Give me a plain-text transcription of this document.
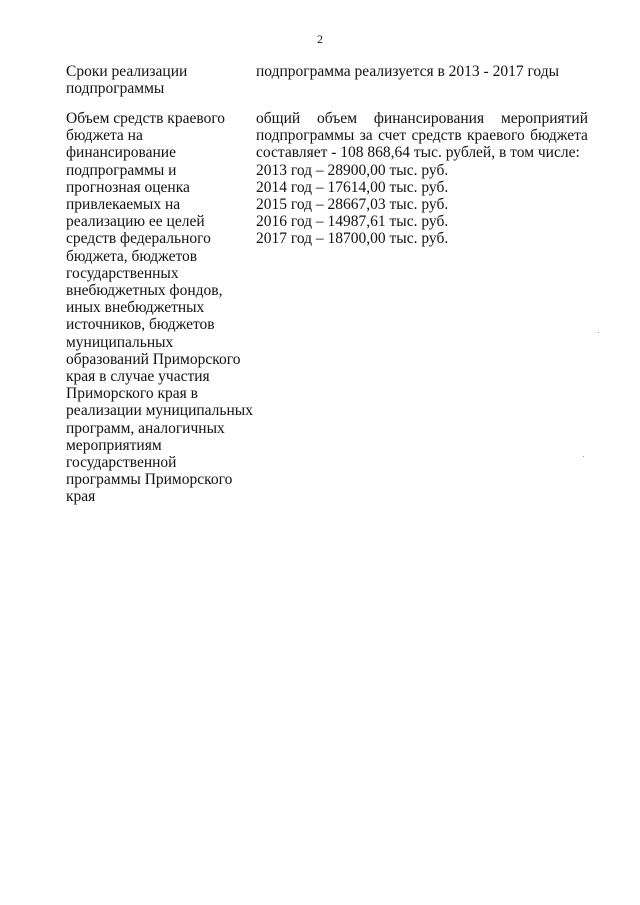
2
Сроки реализации
подпрограммы
подпрограмма реализуется в 2013 - 2017 годы
Объем средств краевого
бюджета на
финансирование
подпрограммы и
прогнозная оценка
привлекаемых на
реализацию ее целей
средств федерального
бюджета, бюджетов
государственных
внебюджетных фондов,
иных внебюджетных
источников, бюджетов
муниципальных
образований Приморского
края в случае участия
Приморского края в
реализации муниципальных
программ, аналогичных
мероприятиям
государственной
программы Приморского
края
общий объем финансирования мероприятий
подпрограммы за счет средств краевого бюджета
составляет - 108 868,64 тыс. рублей, в том числе:
2013 год – 28900,00 тыс. руб.
2014 год – 17614,00 тыс. руб.
2015 год – 28667,03 тыс. руб.
2016 год – 14987,61 тыс. руб.
2017 год – 18700,00 тыс. руб.
